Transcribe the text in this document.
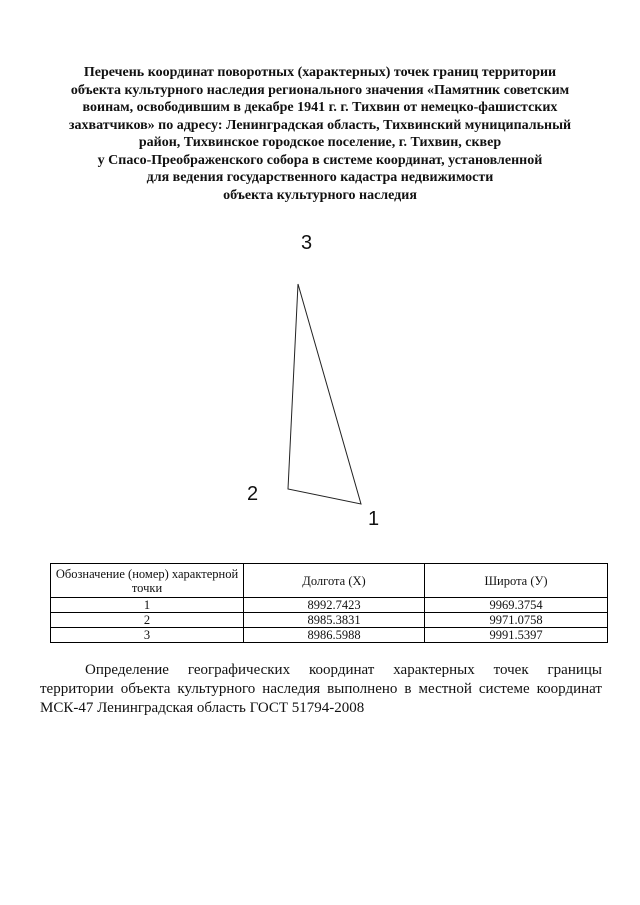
Перечень координат поворотных (характерных) точек границ территории
объекта культурного наследия регионального значения «Памятник советским
воинам, освободившим в декабре 1941 г. г. Тихвин от немецко-фашистских
захватчиков» по адресу: Ленинградская область, Тихвинский муниципальный
район, Тихвинское городское поселение, г. Тихвин, сквер
у Спасо-Преображенского собора в системе координат, установленной
для ведения государственного кадастра недвижимости
объекта культурного наследия
3
2
1
Обозначение (номер) характерной точки	Долгота (X)	Широта (У)
1	8992.7423	9969.3754
2	8985.3831	9971.0758
3	8986.5988	9991.5397
Определение географических координат характерных точек границы
территории объекта культурного наследия выполнено в местной системе координат
МСК-47 Ленинградская область ГОСТ 51794-2008
